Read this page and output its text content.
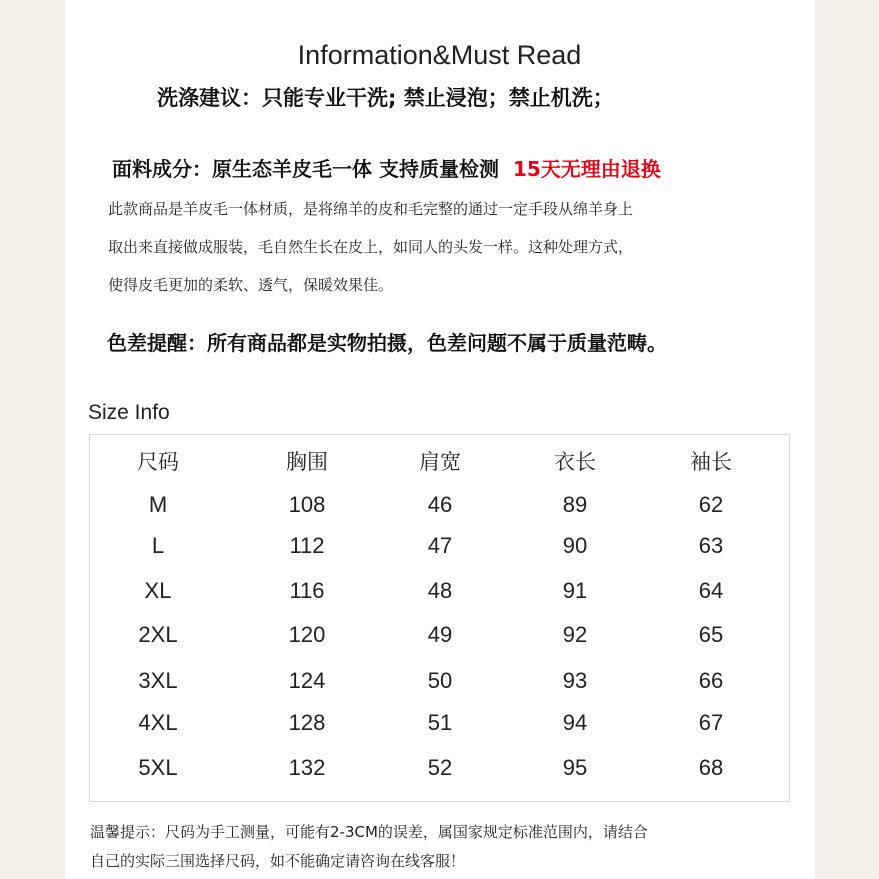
Information&Must Read
洗涤建议：只能专业干洗; 禁止浸泡；禁止机洗；
面料成分：原生态羊皮毛一体 支持质量检测 15天无理由退换
此款商品是羊皮毛一体材质，是将绵羊的皮和毛完整的通过一定手段从绵羊身上
取出来直接做成服装，毛自然生长在皮上，如同人的头发一样。这种处理方式，
使得皮毛更加的柔软、透气，保暖效果佳。
色差提醒：所有商品都是实物拍摄，色差问题不属于质量范畴。
Size Info
尺码	胸围	肩宽	衣长	袖长
M	108	46	89	62
L	112	47	90	63
XL	116	48	91	64
2XL	120	49	92	65
3XL	124	50	93	66
4XL	128	51	94	67
5XL	132	52	95	68
温馨提示：尺码为手工测量，可能有2-3CM的误差，属国家规定标准范围内，请结合
自己的实际三围选择尺码，如不能确定请咨询在线客服！
